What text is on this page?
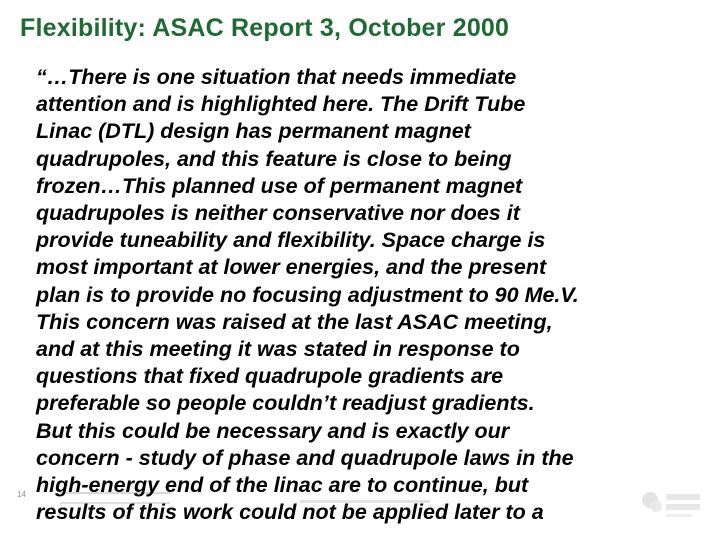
Flexibility: ASAC Report 3, October 2000
14
“…There is one situation that needs immediate
attention and is highlighted here. The Drift Tube
Linac (DTL) design has permanent magnet
quadrupoles, and this feature is close to being
frozen…This planned use of permanent magnet
quadrupoles is neither conservative nor does it
provide tuneability and flexibility. Space charge is
most important at lower energies, and the present
plan is to provide no focusing adjustment to 90 Me.V.
This concern was raised at the last ASAC meeting,
and at this meeting it was stated in response to
questions that fixed quadrupole gradients are
preferable so people couldn’t readjust gradients.
But this could be necessary and is exactly our
concern - study of phase and quadrupole laws in the
high-energy end of the linac are to continue, but
results of this work could not be applied later to a
